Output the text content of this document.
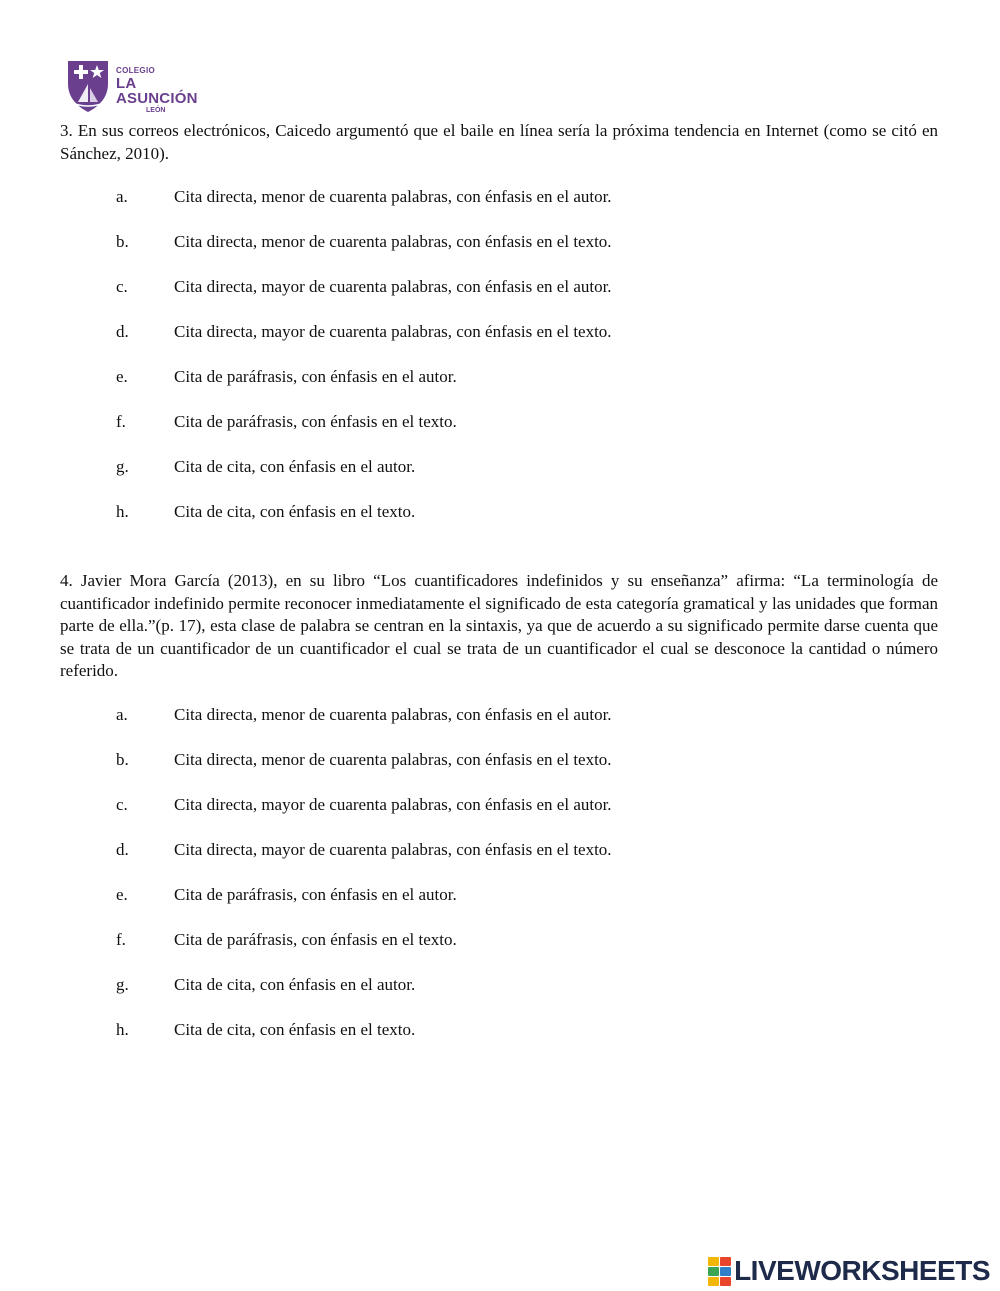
COLEGIO
LA ASUNCIÓN
LEÓN
3. En sus correos electrónicos, Caicedo argumentó que el baile en línea sería la próxima tendencia en Internet (como se citó en Sánchez, 2010).
a.	Cita directa, menor de cuarenta palabras, con énfasis en el autor.
b.	Cita directa, menor de cuarenta palabras, con énfasis en el texto.
c.	Cita directa, mayor de cuarenta palabras, con énfasis en el autor.
d.	Cita directa, mayor de cuarenta palabras, con énfasis en el texto.
e.	Cita de paráfrasis, con énfasis en el autor.
f.	Cita de paráfrasis, con énfasis en el texto.
g.	Cita de cita, con énfasis en el autor.
h.	Cita de cita, con énfasis en el texto.
4. Javier Mora García (2013), en su libro “Los cuantificadores indefinidos y su enseñanza” afirma: “La terminología de cuantificador indefinido permite reconocer inmediatamente el significado de esta categoría gramatical y las unidades que forman parte de ella.”(p. 17), esta clase de palabra se centran en la sintaxis, ya que de acuerdo a su significado permite darse cuenta que se trata de un cuantificador de un cuantificador el cual se trata de un cuantificador el cual se desconoce la cantidad o número referido.
a.	Cita directa, menor de cuarenta palabras, con énfasis en el autor.
b.	Cita directa, menor de cuarenta palabras, con énfasis en el texto.
c.	Cita directa, mayor de cuarenta palabras, con énfasis en el autor.
d.	Cita directa, mayor de cuarenta palabras, con énfasis en el texto.
e.	Cita de paráfrasis, con énfasis en el autor.
f.	Cita de paráfrasis, con énfasis en el texto.
g.	Cita de cita, con énfasis en el autor.
h.	Cita de cita, con énfasis en el texto.
LIVEWORKSHEETS
